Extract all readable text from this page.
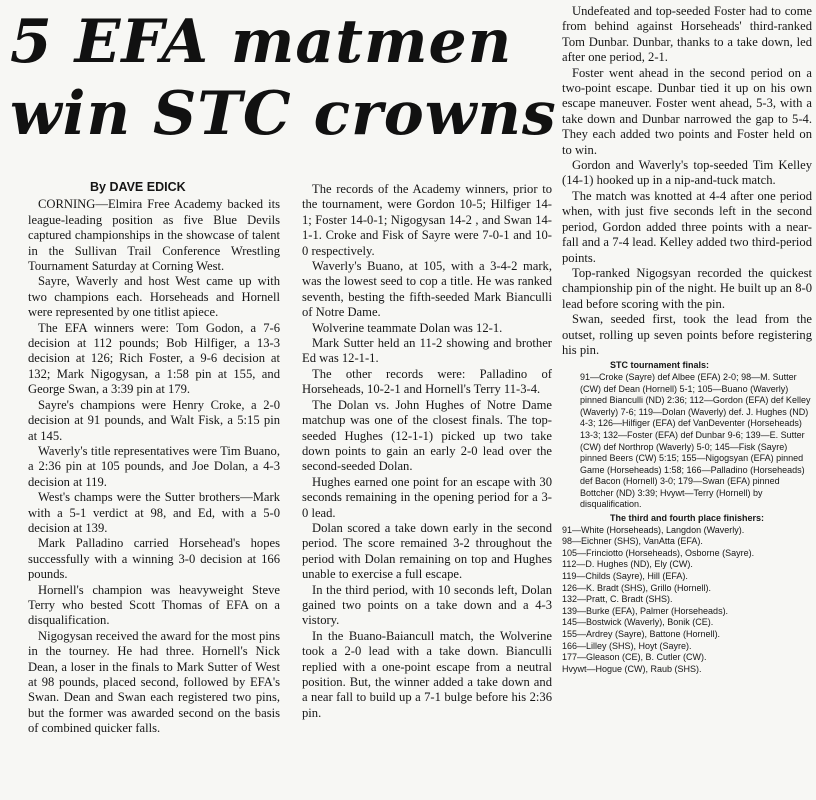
5 EFA matmen
win STC crowns

By DAVE EDICK

CORNING—Elmira Free Academy backed its league-leading position as five Blue Devils captured championships in the showcase of talent in the Sullivan Trail Conference Wrestling Tournament Saturday at Corning West.

Sayre, Waverly and host West came up with two champions each. Horseheads and Hornell were represented by one titlist apiece.

The EFA winners were: Tom Godon, a 7-6 decision at 112 pounds; Bob Hilfiger, a 13-3 decision at 126; Rich Foster, a 9-6 decision at 132; Mark Nigogysan, a 1:58 pin at 155, and George Swan, a 3:39 pin at 179.

Sayre's champions were Henry Croke, a 2-0 decision at 91 pounds, and Walt Fisk, a 5:15 pin at 145.

Waverly's title representatives were Tim Buano, a 2:36 pin at 105 pounds, and Joe Dolan, a 4-3 decision at 119.

West's champs were the Sutter brothers—Mark with a 5-1 verdict at 98, and Ed, with a 5-0 decision at 139.

Mark Palladino carried Horsehead's hopes successfully with a winning 3-0 decision at 166 pounds.

Hornell's champion was heavyweight Steve Terry who bested Scott Thomas of EFA on a disqualification.

Nigogysan received the award for the most pins in the tourney. He had three. Hornell's Nick Dean, a loser in the finals to Mark Sutter of West at 98 pounds, placed second, followed by EFA's Swan. Dean and Swan each registered two pins, but the former was awarded second on the basis of combined quicker falls.

The records of the Academy winners, prior to the tournament, were Gordon 10-5; Hilfiger 14-1; Foster 14-0-1; Nigogysan 14-2 , and Swan 14-1-1. Croke and Fisk of Sayre were 7-0-1 and 10-0 respectively.

Waverly's Buano, at 105, with a 3-4-2 mark, was the lowest seed to cop a title. He was ranked seventh, besting the fifth-seeded Mark Bianculli of Notre Dame.

Wolverine teammate Dolan was 12-1.

Mark Sutter held an 11-2 showing and brother Ed was 12-1-1.

The other records were: Palladino of Horseheads, 10-2-1 and Hornell's Terry 11-3-4.

The Dolan vs. John Hughes of Notre Dame matchup was one of the closest finals. The top-seeded Hughes (12-1-1) picked up two take down points to gain an early 2-0 lead over the second-seeded Dolan.

Hughes earned one point for an escape with 30 seconds remaining in the opening period for a 3-0 lead.

Dolan scored a take down early in the second period. The score remained 3-2 throughout the period with Dolan remaining on top and Hughes unable to exercise a full escape.

In the third period, with 10 seconds left, Dolan gained two points on a take down and a 4-3 vistory.

In the Buano-Baiancull match, the Wolverine took a 2-0 lead with a take down. Bianculli replied with a one-point escape from a neutral position. But, the winner added a take down and a near fall to build up a 7-1 bulge before his 2:36 pin.

Undefeated and top-seeded Foster had to come from behind against Horseheads' third-ranked Tom Dunbar. Dunbar, thanks to a take down, led after one period, 2-1.

Foster went ahead in the second period on a two-point escape. Dunbar tied it up on his own escape maneuver. Foster went ahead, 5-3, with a take down and Dunbar narrowed the gap to 5-4. They each added two points and Foster held on to win.

Gordon and Waverly's top-seeded Tim Kelley (14-1) hooked up in a nip-and-tuck match.

The match was knotted at 4-4 after one period when, with just five seconds left in the second period, Gordon added three points with a near-fall and a 7-4 lead. Kelley added two third-period points.

Top-ranked Nigogsyan recorded the quickest championship pin of the night. He built up an 8-0 lead before scoring with the pin.

Swan, seeded first, took the lead from the outset, rolling up seven points before registering his pin.

STC tournament finals:

91—Croke (Sayre) def Albee (EFA) 2-0; 98—M. Sutter (CW) def Dean (Hornell) 5-1; 105—Buano (Waverly) pinned Bianculli (ND) 2:36; 112—Gordon (EFA) def Kelley (Waverly) 7-6; 119—Dolan (Waverly) def. J. Hughes (ND) 4-3; 126—Hilfiger (EFA) def VanDeventer (Horseheads) 13-3; 132—Foster (EFA) def Dunbar 9-6; 139—E. Sutter (CW) def Northrop (Waverly) 5-0; 145—Fisk (Sayre) pinned Beers (CW) 5:15; 155—Nigogsyan (EFA) pinned Game (Horseheads) 1:58; 166—Palladino (Horseheads) def Bacon (Hornell) 3-0; 179—Swan (EFA) pinned Bottcher (ND) 3:39; Hvywt—Terry (Hornell) by disqualification.

The third and fourth place finishers:

91—White (Horseheads), Langdon (Waverly).

98—Eichner (SHS), VanAtta (EFA).

105—Frinciotto (Horseheads), Osborne (Sayre).

112—D. Hughes (ND), Ely (CW).

119—Childs (Sayre), Hill (EFA).

126—K. Bradt (SHS), Grillo (Hornell).

132—Pratt, C. Bradt (SHS).

139—Burke (EFA), Palmer (Horseheads).

145—Bostwick (Waverly), Bonik (CE).

155—Ardrey (Sayre), Battone (Hornell).

166—Lilley (SHS), Hoyt (Sayre).

177—Gleason (CE), B. Cutler (CW).

Hvywt—Hogue (CW), Raub (SHS).
